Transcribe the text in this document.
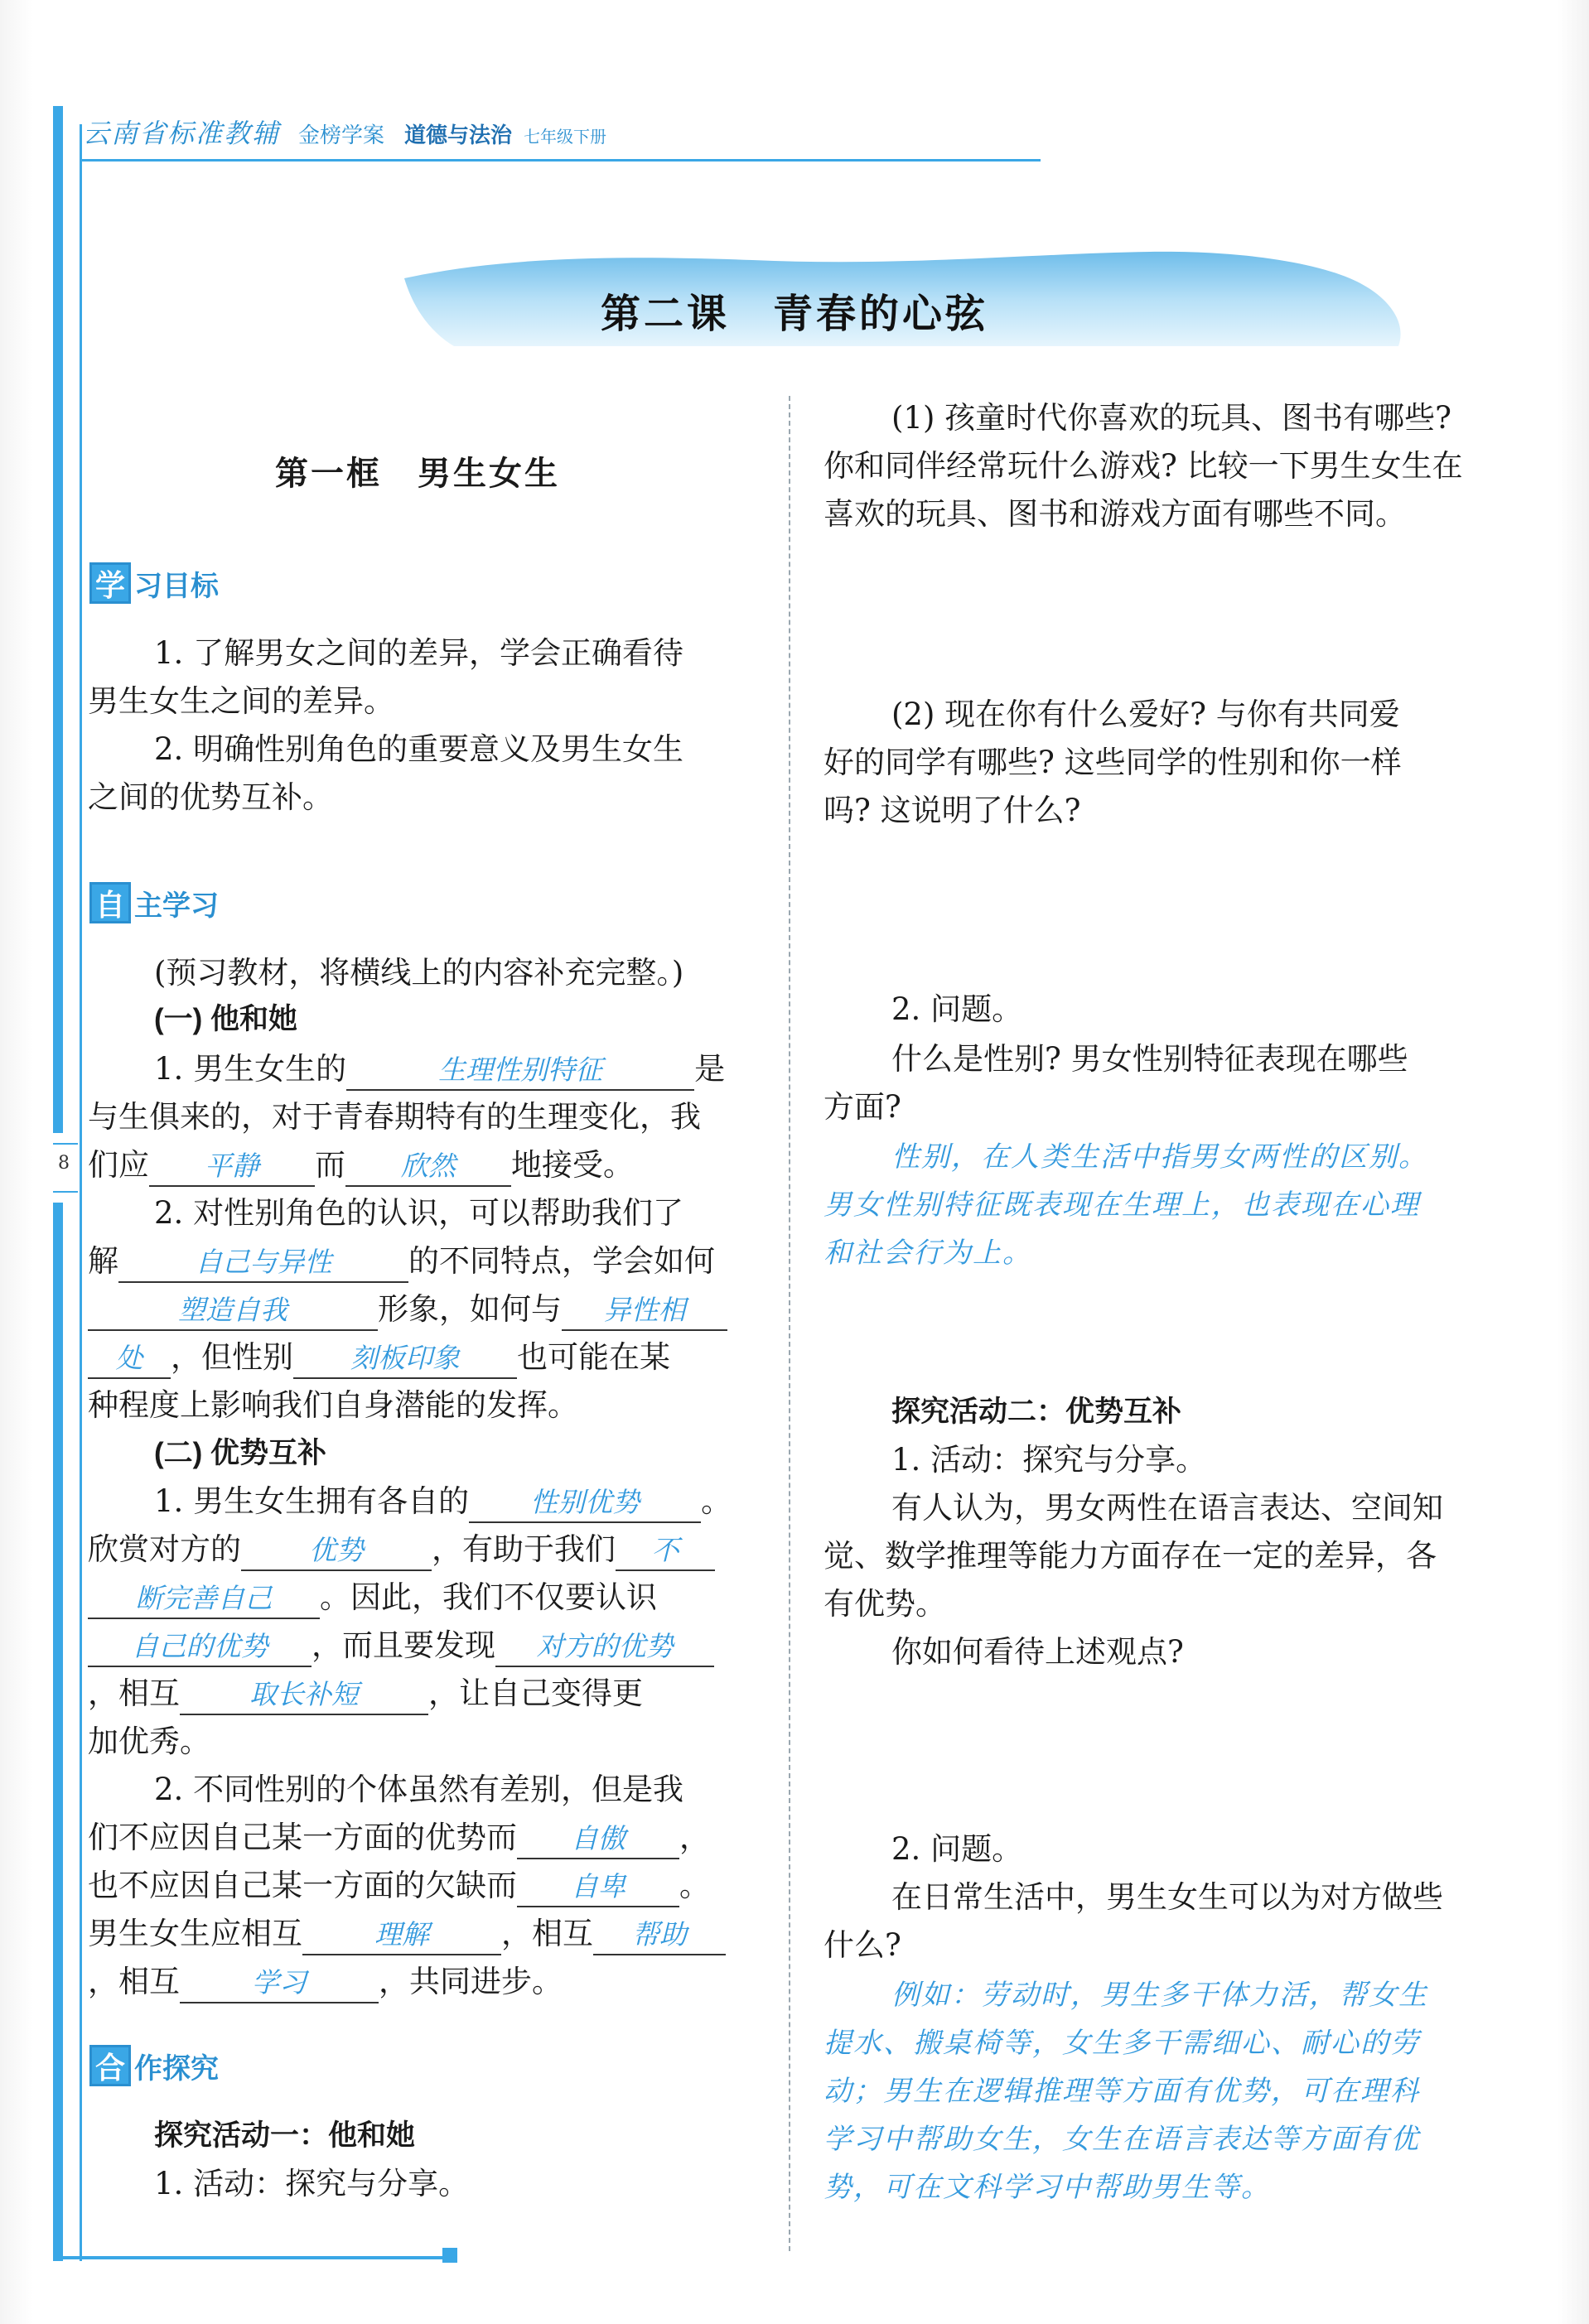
8
云南省标准教辅 金榜学案 道德与法治 七年级下册
第二课　青春的心弦
第一框　男生女生
学 习目标
1. 了解男女之间的差异，学会正确看待
男生女生之间的差异。
2. 明确性别角色的重要意义及男生女生
之间的优势互补。
自 主学习
(预习教材，将横线上的内容补充完整。)
(一) 他和她
1. 男生女生的	生理性别特征	是
与生俱来的，对于青春期特有的生理变化，我
们应 平静 而 欣然 地接受。
2. 对性别角色的认识，可以帮助我们了
解	自己与异性	的不同特点，学会如何
塑造自我	形象，如何与 异性相
处 ，但性别 刻板印象 也可能在某
种程度上影响我们自身潜能的发挥。
(二) 优势互补
1. 男生女生拥有各自的 性别优势 。
欣赏对方的 优势 ，有助于我们 不
断完善自己 。因此，我们不仅要认识
自己的优势 ，而且要发现 对方的优势
，相互	取长补短 ，让自己变得更
加优秀。
2. 不同性别的个体虽然有差别，但是我
们不应因自己某一方面的优势而 自傲 ，
也不应因自己某一方面的欠缺而 自卑 。
男生女生应相互	理解 ，相互 帮助
，相互	学习 ，共同进步。
合 作探究
探究活动一：他和她
1. 活动：探究与分享。
(1) 孩童时代你喜欢的玩具、图书有哪些?
你和同伴经常玩什么游戏? 比较一下男生女生在
喜欢的玩具、图书和游戏方面有哪些不同。
(2) 现在你有什么爱好? 与你有共同爱
好的同学有哪些? 这些同学的性别和你一样
吗? 这说明了什么?
2. 问题。
什么是性别? 男女性别特征表现在哪些
方面?
性别，在人类生活中指男女两性的区别。
男女性别特征既表现在生理上，也表现在心理
和社会行为上。
探究活动二：优势互补
1. 活动：探究与分享。
有人认为，男女两性在语言表达、空间知
觉、数学推理等能力方面存在一定的差异，各
有优势。
你如何看待上述观点?
2. 问题。
在日常生活中，男生女生可以为对方做些
什么?
例如：劳动时，男生多干体力活，帮女生
提水、搬桌椅等，女生多干需细心、耐心的劳
动；男生在逻辑推理等方面有优势，可在理科
学习中帮助女生，女生在语言表达等方面有优
势，可在文科学习中帮助男生等。
